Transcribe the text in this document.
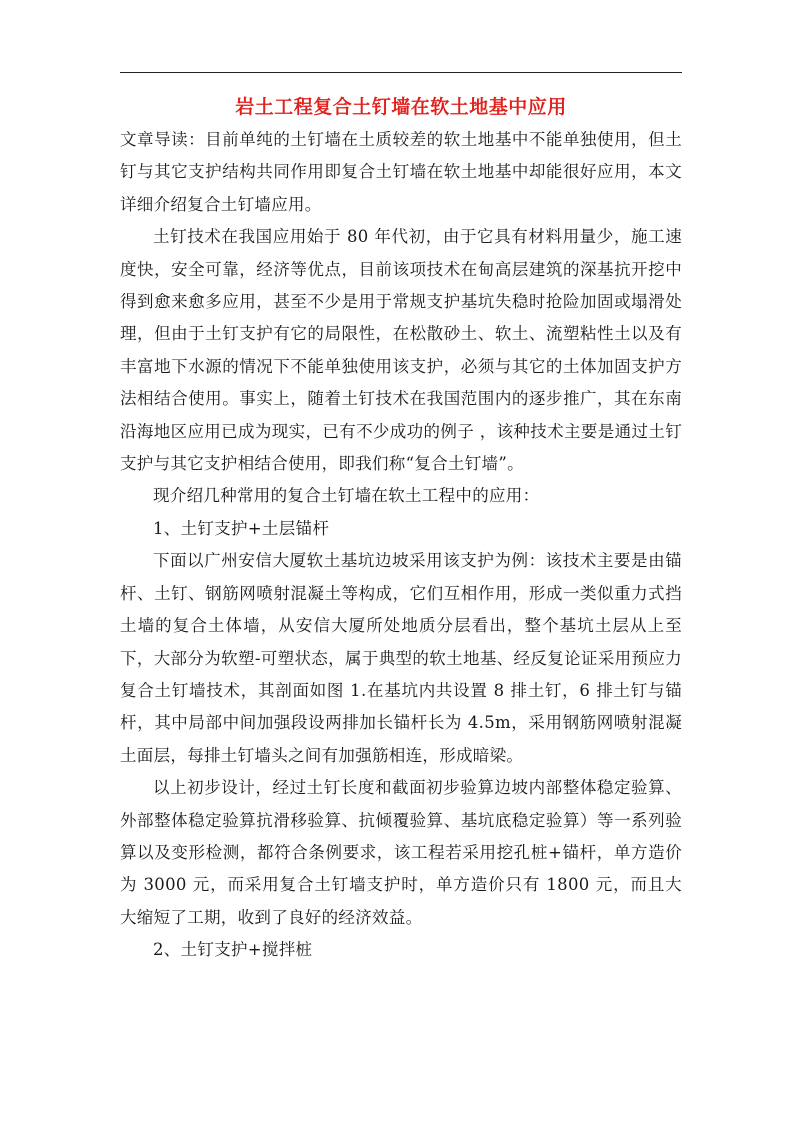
岩土工程复合土钉墙在软土地基中应用

文章导读：目前单纯的土钉墙在土质较差的软土地基中不能单独使用，但土钉与其它支护结构共同作用即复合土钉墙在软土地基中却能很好应用，本文详细介绍复合土钉墙应用。

土钉技术在我国应用始于 80 年代初，由于它具有材料用量少，施工速度快，安全可靠，经济等优点，目前该项技术在甸高层建筑的深基抗开挖中得到愈来愈多应用，甚至不少是用于常规支护基坑失稳时抢险加固或塌滑处理，但由于土钉支护有它的局限性，在松散砂土、软土、流塑粘性土以及有丰富地下水源的情况下不能单独使用该支护，必须与其它的土体加固支护方法相结合使用。事实上，随着土钉技术在我国范围内的逐步推广，其在东南沿海地区应用已成为现实，已有不少成功的例子 ，该种技术主要是通过土钉支护与其它支护相结合使用，即我们称“复合土钉墙”。

现介绍几种常用的复合土钉墙在软土工程中的应用：

1、土钉支护+土层锚杆

下面以广州安信大厦软土基坑边坡采用该支护为例：该技术主要是由锚杆、土钉、钢筋网喷射混凝土等构成，它们互相作用，形成一类似重力式挡土墙的复合土体墙，从安信大厦所处地质分层看出，整个基坑土层从上至下，大部分为软塑-可塑状态，属于典型的软土地基、经反复论证采用预应力复合土钉墙技术，其剖面如图 1.在基坑内共设置 8 排土钉，6 排土钉与锚杆，其中局部中间加强段设两排加长锚杆长为 4.5m，采用钢筋网喷射混凝土面层，每排土钉墙头之间有加强筋相连，形成暗梁。

以上初步设计，经过土钉长度和截面初步验算边坡内部整体稳定验算、外部整体稳定验算抗滑移验算、抗倾覆验算、基坑底稳定验算）等一系列验算以及变形检测，都符合条例要求，该工程若采用挖孔桩+锚杆，单方造价为 3000 元，而采用复合土钉墙支护时，单方造价只有 1800 元，而且大大缩短了工期，收到了良好的经济效益。

2、土钉支护+搅拌桩
